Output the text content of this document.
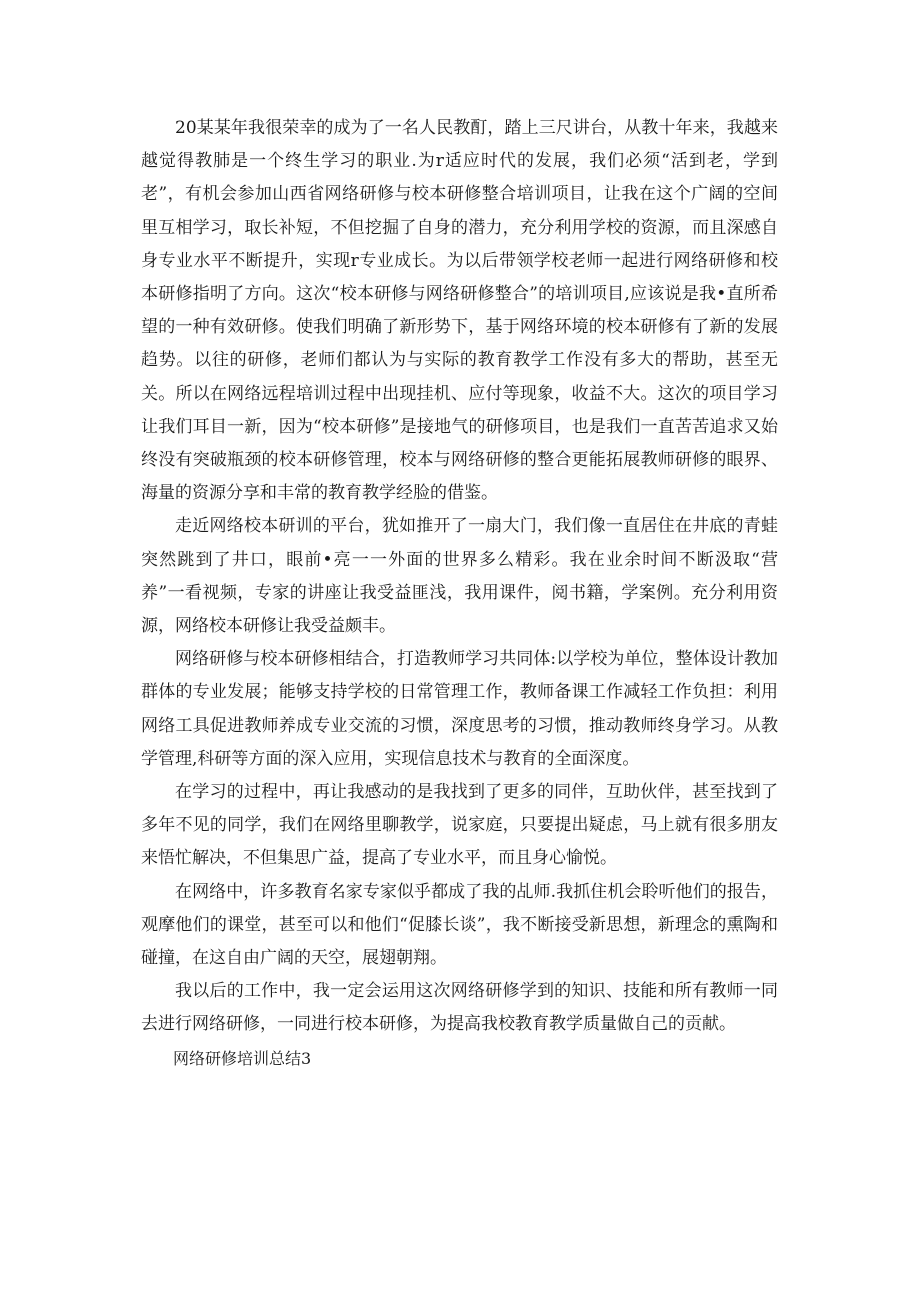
20某某年我很荣幸的成为了一名人民教酊，踏上三尺讲台，从教十年来，我越来越觉得教肺是一个终生学习的职业.为r适应时代的发展，我们必须“活到老，学到老”，有机会参加山西省网络研修与校本研修整合培训项目，让我在这个广阔的空间里互相学习，取长补短，不但挖掘了自身的潜力，充分利用学校的资源，而且深感自身专业水平不断提升，实现r专业成长。为以后带领学校老师一起进行网络研修和校本研修指明了方向。这次“校本研修与网络研修整合”的培训项目,应该说是我•直所希望的一种有效研修。使我们明确了新形势下，基于网络环境的校本研修有了新的发展趋势。以往的研修，老师们都认为与实际的教育教学工作没有多大的帮助，甚至无关。所以在网络远程培训过程中出现挂机、应付等现象，收益不大。这次的项目学习让我们耳目一新，因为“校本研修”是接地气的研修项目，也是我们一直苦苦追求又始终没有突破瓶颈的校本研修管理，校本与网络研修的整合更能拓展教师研修的眼界、海量的资源分享和丰常的教育教学经脸的借鉴。

走近网络校本研训的平台，犹如推开了一扇大门，我们像一直居住在井底的青蛙突然跳到了井口，眼前•亮一一外面的世界多么精彩。我在业余时间不断汲取“营养”一看视频，专家的讲座让我受益匪浅，我用课件，阅书籍，学案例。充分利用资源，网络校本研修让我受益颇丰。

网络研修与校本研修相结合，打造教师学习共同体:以学校为单位，整体设计教加群体的专业发展；能够支持学校的日常管理工作，教师备课工作减轻工作负担：利用网络工具促进教师养成专业交流的习惯，深度思考的习惯，推动教师终身学习。从教学管理,科研等方面的深入应用，实现信息技术与教育的全面深度。

在学习的过程中，再让我感动的是我找到了更多的同伴，互助伙伴，甚至找到了多年不见的同学，我们在网络里聊教学，说家庭，只要提出疑虑，马上就有很多朋友来悟忙解决，不但集思广益，提高了专业水平，而且身心愉悦。

在网络中，许多教育名家专家似乎都成了我的乩师.我抓住机会聆听他们的报告，观摩他们的课堂，甚至可以和他们“促膝长谈”，我不断接受新思想，新理念的熏陶和碰撞，在这自由广阔的天空，展翅朝翔。

我以后的工作中，我一定会运用这次网络研修学到的知识、技能和所有教师一同去进行网络研修，一同进行校本研修，为提高我校教育教学质量做自己的贡献。

网络研修培训总结3
